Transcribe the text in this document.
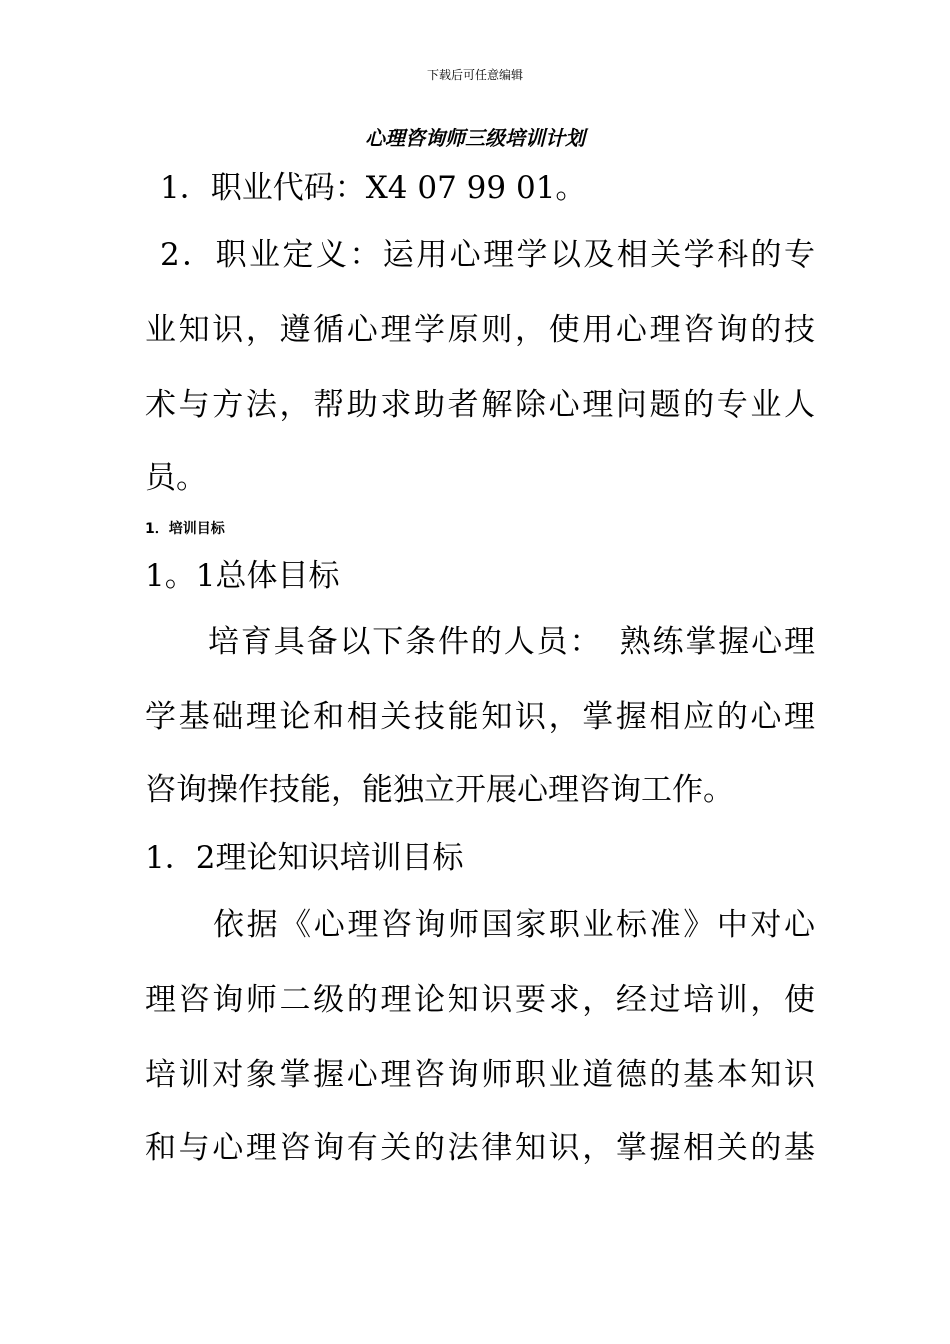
下载后可任意编辑
心理咨询师三级培训计划
1．职业代码：X4 07 99 01。
2．职业定义：运用心理学以及相关学科的专
业知识，遵循心理学原则，使用心理咨询的技
术与方法，帮助求助者解除心理问题的专业人
员。
1．培训目标
1。1总体目标
培育具备以下条件的人员：　熟练掌握心理
学基础理论和相关技能知识，掌握相应的心理
咨询操作技能，能独立开展心理咨询工作。
1．2理论知识培训目标
依据《心理咨询师国家职业标准》中对心
理咨询师二级的理论知识要求，经过培训，使
培训对象掌握心理咨询师职业道德的基本知识
和与心理咨询有关的法律知识，掌握相关的基
